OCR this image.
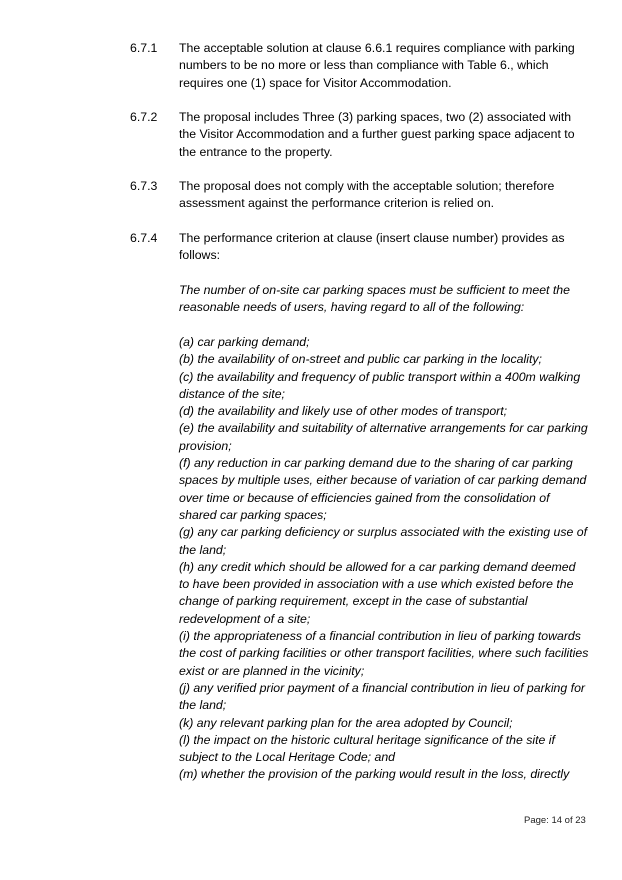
6.7.1	The acceptable solution at clause 6.6.1 requires compliance with parking numbers to be no more or less than compliance with Table 6., which requires one (1) space for Visitor Accommodation.
6.7.2	The proposal includes Three (3) parking spaces, two (2) associated with the Visitor Accommodation and a further guest parking space adjacent to the entrance to the property.
6.7.3	The proposal does not comply with the acceptable solution; therefore assessment against the performance criterion is relied on.
6.7.4	The performance criterion at clause (insert clause number) provides as follows:
The number of on-site car parking spaces must be sufficient to meet the reasonable needs of users, having regard to all of the following:
(a) car parking demand;
(b) the availability of on-street and public car parking in the locality;
(c) the availability and frequency of public transport within a 400m walking distance of the site;
(d) the availability and likely use of other modes of transport;
(e) the availability and suitability of alternative arrangements for car parking provision;
(f) any reduction in car parking demand due to the sharing of car parking spaces by multiple uses, either because of variation of car parking demand over time or because of efficiencies gained from the consolidation of shared car parking spaces;
(g) any car parking deficiency or surplus associated with the existing use of the land;
(h) any credit which should be allowed for a car parking demand deemed to have been provided in association with a use which existed before the change of parking requirement, except in the case of substantial redevelopment of a site;
(i) the appropriateness of a financial contribution in lieu of parking towards the cost of parking facilities or other transport facilities, where such facilities exist or are planned in the vicinity;
(j) any verified prior payment of a financial contribution in lieu of parking for the land;
(k) any relevant parking plan for the area adopted by Council;
(l) the impact on the historic cultural heritage significance of the site if subject to the Local Heritage Code; and
(m) whether the provision of the parking would result in the loss, directly
Page: 14 of 23
